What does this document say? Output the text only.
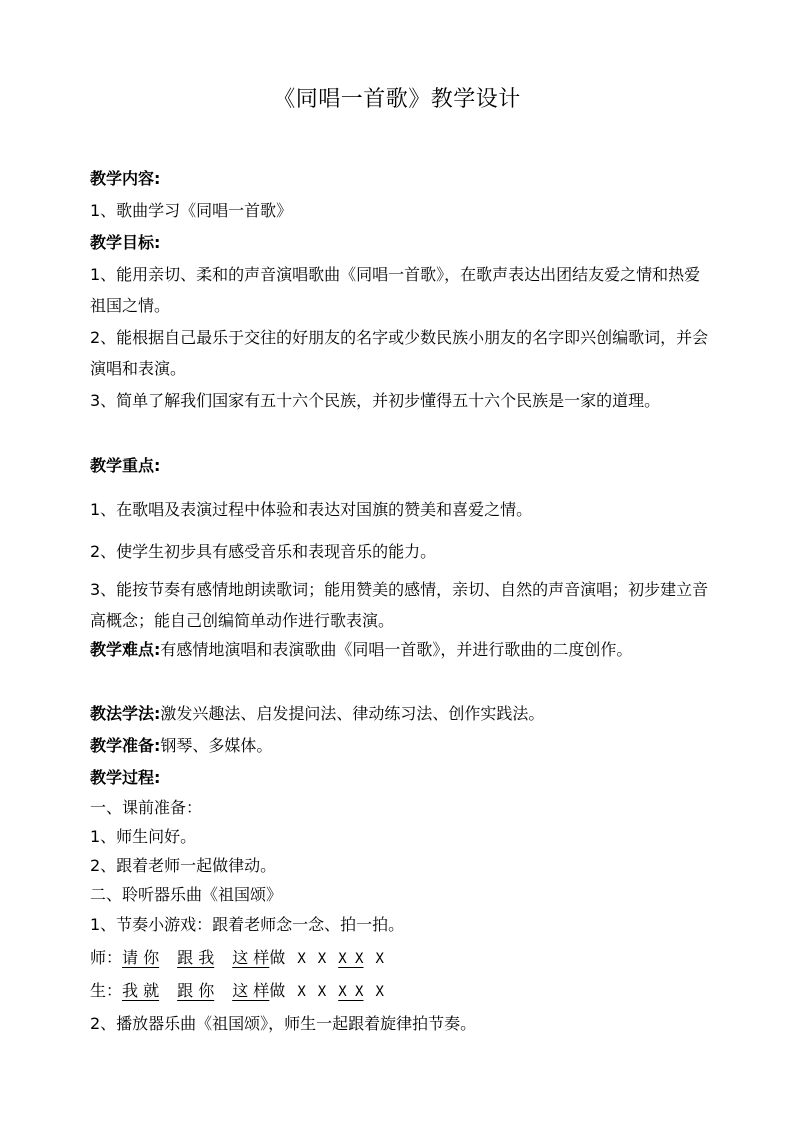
《同唱一首歌》教学设计
教学内容:
1、歌曲学习《同唱一首歌》
教学目标:
1、能用亲切、柔和的声音演唱歌曲《同唱一首歌》，在歌声表达出团结友爱之情和热爱祖国之情。
2、能根据自己最乐于交往的好朋友的名字或少数民族小朋友的名字即兴创编歌词，并会演唱和表演。
3、简单了解我们国家有五十六个民族，并初步懂得五十六个民族是一家的道理。
教学重点:
1、在歌唱及表演过程中体验和表达对国旗的赞美和喜爱之情。
2、使学生初步具有感受音乐和表现音乐的能力。
3、能按节奏有感情地朗读歌词；能用赞美的感情，亲切、自然的声音演唱；初步建立音高概念；能自己创编简单动作进行歌表演。
教学难点:有感情地演唱和表演歌曲《同唱一首歌》，并进行歌曲的二度创作。
教法学法:激发兴趣法、启发提问法、律动练习法、创作实践法。
教学准备:钢琴、多媒体。
教学过程:
一、课前准备：
1、师生问好。
2、跟着老师一起做律动。
二、聆听器乐曲《祖国颂》
1、节奏小游戏：跟着老师念一念、拍一拍。
师：请 你 跟 我 这 样做 X X X X X
生：我 就 跟 你 这 样做 X X X X X
2、播放器乐曲《祖国颂》，师生一起跟着旋律拍节奏。
